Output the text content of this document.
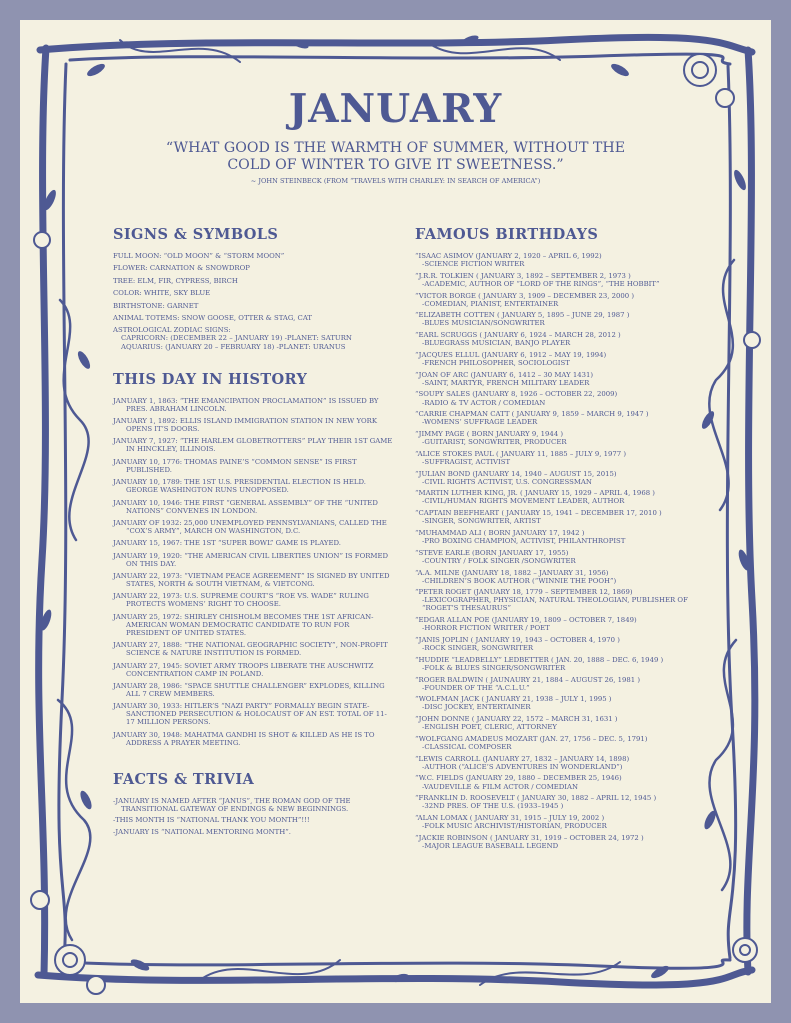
JANUARY
“WHAT GOOD IS THE WARMTH OF SUMMER, WITHOUT THE COLD OF WINTER TO GIVE IT SWEETNESS.”
~ JOHN STEINBECK (FROM “TRAVELS WITH CHARLEY: IN SEARCH OF AMERICA”)
SIGNS & SYMBOLS
FULL MOON: “OLD MOON” & “STORM MOON”
FLOWER: CARNATION & SNOWDROP
TREE: ELM, FIR, CYPRESS, BIRCH
COLOR: WHITE, SKY BLUE
BIRTHSTONE: GARNET
ANIMAL TOTEMS: SNOW GOOSE, OTTER & STAG, CAT
ASTROLOGICAL ZODIAC SIGNS:
CAPRICORN: (DECEMBER 22 – JANUARY 19) -PLANET: SATURN
AQUARIUS: (JANUARY 20 – FEBRUARY 18) -PLANET: URANUS
THIS DAY IN HISTORY
JANUARY 1, 1863: “THE EMANCIPATION PROCLAMATION” IS ISSUED BY PRES. ABRAHAM LINCOLN.
JANUARY 1, 1892: ELLIS ISLAND IMMIGRATION STATION IN NEW YORK OPENS IT’S DOORS.
JANUARY 7, 1927: “THE HARLEM GLOBETROTTERS” PLAY THEIR 1ST GAME IN HINCKLEY, ILLINOIS.
JANUARY 10, 1776: THOMAS PAINE’S “COMMON SENSE” IS FIRST PUBLISHED.
JANUARY 10, 1789: THE 1ST U.S. PRESIDENTIAL ELECTION IS HELD. GEORGE WASHINGTON RUNS UNOPPOSED.
JANUARY 10, 1946: THE FIRST “GENERAL ASSEMBLY” OF THE “UNITED NATIONS” CONVENES IN LONDON.
JANUARY OF 1932: 25,000 UNEMPLOYED PENNSYLVANIANS, CALLED THE “COX’S ARMY”, MARCH ON WASHINGTON, D.C.
JANUARY 15, 1967: THE 1ST “SUPER BOWL” GAME IS PLAYED.
JANUARY 19, 1920: “THE AMERICAN CIVIL LIBERTIES UNION” IS FORMED ON THIS DAY.
JANUARY 22, 1973: “VIETNAM PEACE AGREEMENT” IS SIGNED BY UNITED STATES, NORTH & SOUTH VIETNAM, & VIETCONG.
JANUARY 22, 1973: U.S. SUPREME COURT’S “ROE VS. WADE” RULING PROTECTS WOMENS’ RIGHT TO CHOOSE.
JANUARY 25, 1972: SHIRLEY CHISHOLM BECOMES THE 1ST AFRICAN-AMERICAN WOMAN DEMOCRATIC CANDIDATE TO RUN FOR PRESIDENT OF UNITED STATES.
JANUARY 27, 1888: “THE NATIONAL GEOGRAPHIC SOCIETY”, NON-PROFIT SCIENCE & NATURE INSTITUTION IS FORMED.
JANUARY 27, 1945: SOVIET ARMY TROOPS LIBERATE THE AUSCHWITZ CONCENTRATION CAMP IN POLAND.
JANUARY 28, 1986: “SPACE SHUTTLE CHALLENGER” EXPLODES, KILLING ALL 7 CREW MEMBERS.
JANUARY 30, 1933: HITLER’S “NAZI PARTY” FORMALLY BEGIN STATE-SANCTIONED PERSECUTION & HOLOCAUST OF AN EST. TOTAL OF 11-17 MILLION PERSONS.
JANUARY 30, 1948: MAHATMA GANDHI IS SHOT & KILLED AS HE IS TO ADDRESS A PRAYER MEETING.
FACTS & TRIVIA
-JANUARY IS NAMED AFTER “JANUS”, THE ROMAN GOD OF THE TRANSITIONAL GATEWAY OF ENDINGS & NEW BEGINNINGS.
-THIS MONTH IS “NATIONAL THANK YOU MONTH”!!!
-JANUARY IS “NATIONAL MENTORING MONTH”.
FAMOUS BIRTHDAYS
“ISAAC ASIMOV (JANUARY 2, 1920 – APRIL 6, 1992)
-SCIENCE FICTION WRITER
“J.R.R. TOLKIEN ( JANUARY 3, 1892 – SEPTEMBER 2, 1973 )
-ACADEMIC, AUTHOR OF “LORD OF THE RINGS”, “THE HOBBIT”
“VICTOR BORGE ( JANUARY 3, 1909 – DECEMBER 23, 2000 )
-COMEDIAN, PIANIST, ENTERTAINER
“ELIZABETH COTTEN ( JANUARY 5, 1895 – JUNE 29, 1987 )
-BLUES MUSICIAN/SONGWRITER
“EARL SCRUGGS ( JANUARY 6, 1924 – MARCH 28, 2012 )
-BLUEGRASS MUSICIAN, BANJO PLAYER
“JACQUES ELLUL (JANUARY 6, 1912 – MAY 19, 1994)
-FRENCH PHILOSOPHER, SOCIOLOGIST
“JOAN OF ARC (JANUARY 6, 1412 – 30 MAY 1431)
-SAINT, MARTYR, FRENCH MILITARY LEADER
“SOUPY SALES (JANUARY 8, 1926 – OCTOBER 22, 2009)
-RADIO & TV ACTOR / COMEDIAN
“CARRIE CHAPMAN CATT ( JANUARY 9, 1859 – MARCH 9, 1947 )
-WOMENS’ SUFFRAGE LEADER
“JIMMY PAGE ( BORN JANUARY 9, 1944 )
-GUITARIST, SONGWRITER, PRODUCER
“ALICE STOKES PAUL ( JANUARY 11, 1885 – JULY 9, 1977 )
-SUFFRAGIST, ACTIVIST
“JULIAN BOND (JANUARY 14, 1940 – AUGUST 15, 2015)
-CIVIL RIGHTS ACTIVIST, U.S. CONGRESSMAN
“MARTIN LUTHER KING, JR. ( JANUARY 15, 1929 – APRIL 4, 1968 )
-CIVIL/HUMAN RIGHTS MOVEMENT LEADER, AUTHOR
“CAPTAIN BEEFHEART ( JANUARY 15, 1941 – DECEMBER 17, 2010 )
-SINGER, SONGWRITER, ARTIST
“MUHAMMAD ALI ( BORN JANUARY 17, 1942 )
-PRO BOXING CHAMPION, ACTIVIST, PHILANTHROPIST
“STEVE EARLE (BORN JANUARY 17, 1955)
-COUNTRY / FOLK SINGER /SONGWRITER
“A.A. MILNE (JANUARY 18, 1882 – JANUARY 31, 1956)
-CHILDREN’S BOOK AUTHOR (“WINNIE THE POOH”)
“PETER ROGET (JANUARY 18, 1779 – SEPTEMBER 12, 1869)
-LEXICOGRAPHER, PHYSICIAN, NATURAL THEOLOGIAN, PUBLISHER OF “ROGET’S THESAURUS”
“EDGAR ALLAN POE (JANUARY 19, 1809 – OCTOBER 7, 1849)
-HORROR FICTION WRITER / POET
“JANIS JOPLIN ( JANUARY 19, 1943 – OCTOBER 4, 1970 )
-ROCK SINGER, SONGWRITER
“HUDDIE “LEADBELLY” LEDBETTER ( JAN. 20, 1888 – DEC. 6, 1949 )
-FOLK & BLUES SINGER/SONGWRITER
“ROGER BALDWIN ( JAUNAURY 21, 1884 – AUGUST 26, 1981 )
-FOUNDER OF THE “A.C.L.U.”
“WOLFMAN JACK ( JANUARY 21, 1938 – JULY 1, 1995 )
-DISC JOCKEY, ENTERTAINER
“JOHN DONNE ( JANUARY 22, 1572 – MARCH 31, 1631 )
-ENGLISH POET, CLERIC, ATTORNEY
“WOLFGANG AMADEUS MOZART (JAN. 27, 1756 – DEC. 5, 1791)
-CLASSICAL COMPOSER
“LEWIS CARROLL (JANUARY 27, 1832 – JANUARY 14, 1898)
-AUTHOR (“ALICE’S ADVENTURES IN WONDERLAND”)
“W.C. FIELDS (JANUARY 29, 1880 – DECEMBER 25, 1946)
-VAUDEVILLE & FILM ACTOR / COMEDIAN
“FRANKLIN D. ROOSEVELT ( JANUARY 30, 1882 – APRIL 12, 1945 )
-32ND PRES. OF THE U.S. (1933–1945 )
“ALAN LOMAX ( JANUARY 31, 1915 – JULY 19, 2002 )
-FOLK MUSIC ARCHIVIST/HISTORIAN, PRODUCER
“JACKIE ROBINSON ( JANUARY 31, 1919 – OCTOBER 24, 1972 )
-MAJOR LEAGUE BASEBALL LEGEND
